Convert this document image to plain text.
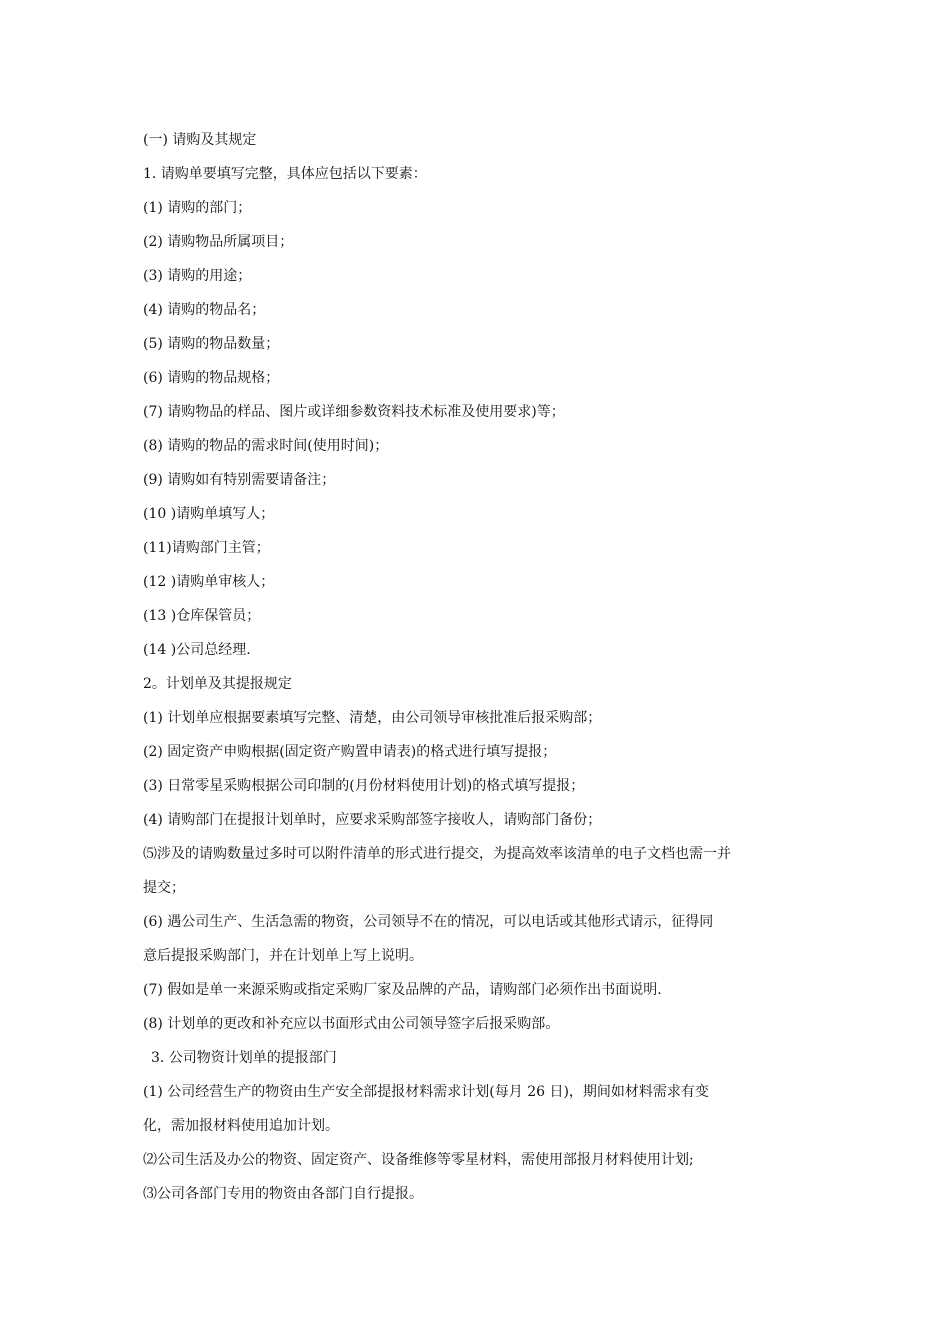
(一) 请购及其规定

1. 请购单要填写完整，具体应包括以下要素：

(1) 请购的部门；

(2) 请购物品所属项目；

(3) 请购的用途；

(4) 请购的物品名；

(5) 请购的物品数量；

(6) 请购的物品规格；

(7) 请购物品的样品、图片或详细参数资料技术标准及使用要求)等；

(8) 请购的物品的需求时间(使用时间)；

(9) 请购如有特别需要请备注；

(10 )请购单填写人；

(11)请购部门主管；

(12 )请购单审核人；

(13 )仓库保管员；

(14 )公司总经理.

2。计划单及其提报规定

(1) 计划单应根据要素填写完整、清楚，由公司领导审核批准后报采购部；

(2) 固定资产申购根据(固定资产购置申请表)的格式进行填写提报；

(3) 日常零星采购根据公司印制的(月份材料使用计划)的格式填写提报；

(4) 请购部门在提报计划单时，应要求采购部签字接收人，请购部门备份；

⑸涉及的请购数量过多时可以附件清单的形式进行提交，为提高效率该清单的电子文档也需一并

提交；

(6) 遇公司生产、生活急需的物资，公司领导不在的情况，可以电话或其他形式请示，征得同

意后提报采购部门，并在计划单上写上说明。

(7) 假如是单一来源采购或指定采购厂家及品牌的产品，请购部门必须作出书面说明.

(8) 计划单的更改和补充应以书面形式由公司领导签字后报采购部。

3. 公司物资计划单的提报部门

(1) 公司经营生产的物资由生产安全部提报材料需求计划(每月 26 日)，期间如材料需求有变

化，需加报材料使用追加计划。

⑵公司生活及办公的物资、固定资产、设备维修等零星材料，需使用部报月材料使用计划;

⑶公司各部门专用的物资由各部门自行提报。
